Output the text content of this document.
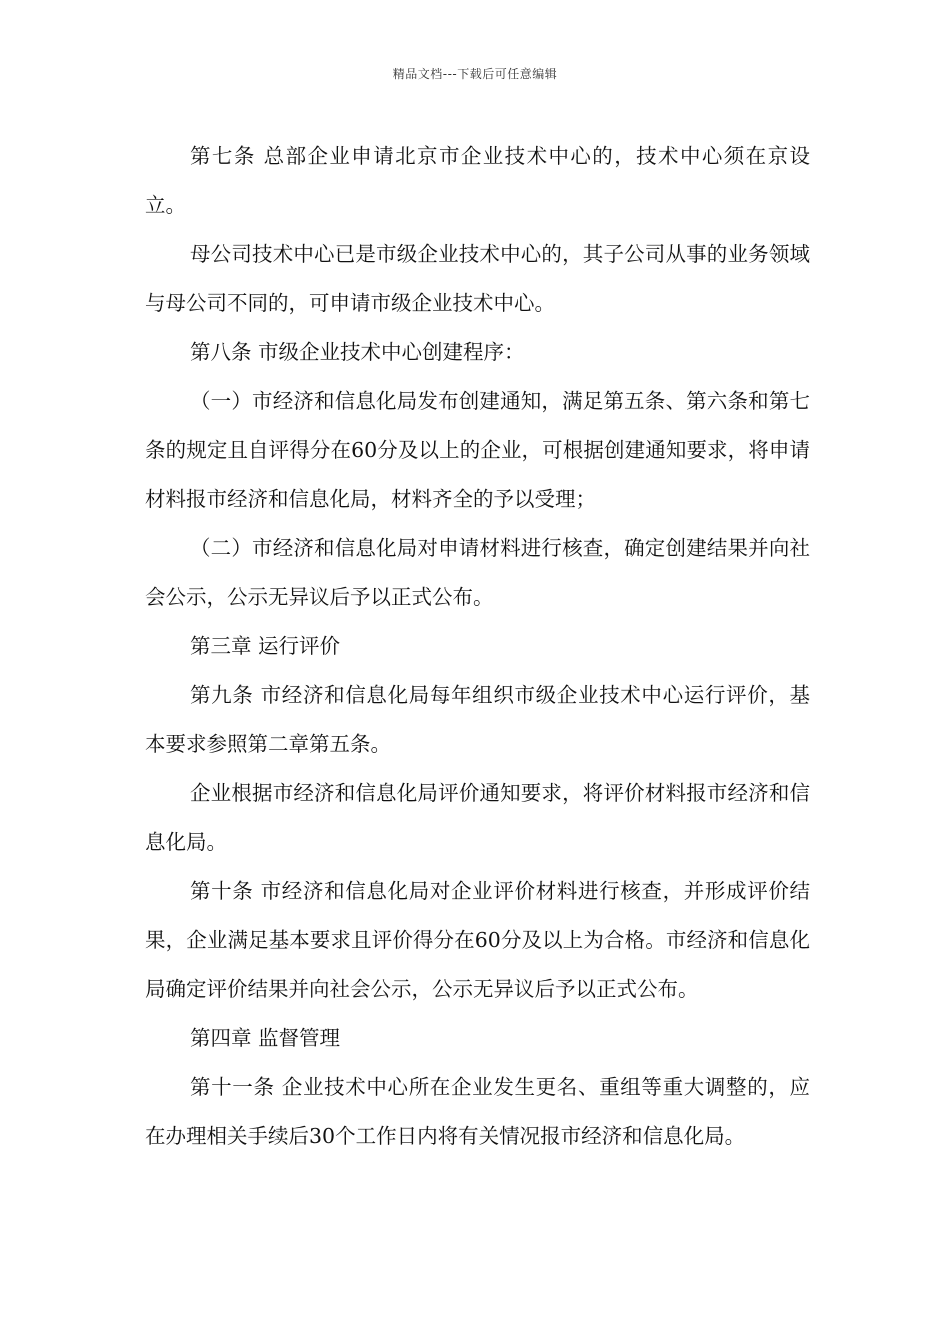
精品文档---下载后可任意编辑

第七条 总部企业申请北京市企业技术中心的，技术中心须在京设立。

母公司技术中心已是市级企业技术中心的，其子公司从事的业务领域与母公司不同的，可申请市级企业技术中心。

第八条 市级企业技术中心创建程序：

（一）市经济和信息化局发布创建通知，满足第五条、第六条和第七条的规定且自评得分在60分及以上的企业，可根据创建通知要求，将申请材料报市经济和信息化局，材料齐全的予以受理；

（二）市经济和信息化局对申请材料进行核查，确定创建结果并向社会公示，公示无异议后予以正式公布。

第三章 运行评价

第九条 市经济和信息化局每年组织市级企业技术中心运行评价，基本要求参照第二章第五条。

企业根据市经济和信息化局评价通知要求，将评价材料报市经济和信息化局。

第十条 市经济和信息化局对企业评价材料进行核查，并形成评价结果，企业满足基本要求且评价得分在60分及以上为合格。市经济和信息化局确定评价结果并向社会公示，公示无异议后予以正式公布。

第四章 监督管理

第十一条 企业技术中心所在企业发生更名、重组等重大调整的，应在办理相关手续后30个工作日内将有关情况报市经济和信息化局。
